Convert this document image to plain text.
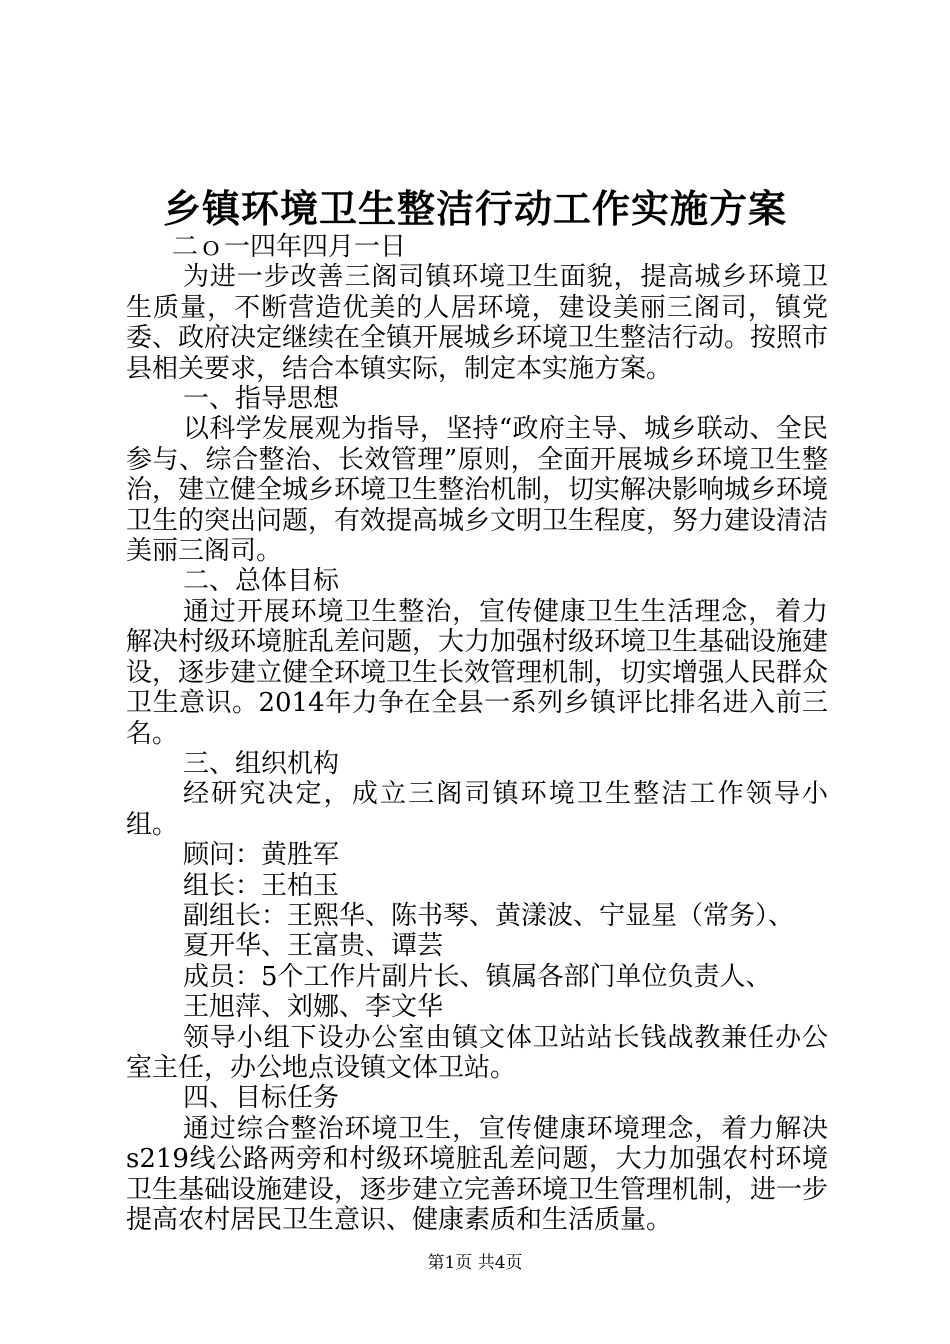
乡镇环境卫生整洁行动工作实施方案

二ｏ一四年四月一日

为进一步改善三阁司镇环境卫生面貌，提高城乡环境卫生质量，不断营造优美的人居环境，建设美丽三阁司，镇党委、政府决定继续在全镇开展城乡环境卫生整洁行动。按照市县相关要求，结合本镇实际，制定本实施方案。

一、指导思想

以科学发展观为指导，坚持“政府主导、城乡联动、全民参与、综合整治、长效管理”原则，全面开展城乡环境卫生整治，建立健全城乡环境卫生整治机制，切实解决影响城乡环境卫生的突出问题，有效提高城乡文明卫生程度，努力建设清洁美丽三阁司。

二、总体目标

通过开展环境卫生整治，宣传健康卫生生活理念，着力解决村级环境脏乱差问题，大力加强村级环境卫生基础设施建设，逐步建立健全环境卫生长效管理机制，切实增强人民群众卫生意识。2014年力争在全县一系列乡镇评比排名进入前三名。

三、组织机构

经研究决定，成立三阁司镇环境卫生整洁工作领导小组。

顾问：黄胜军

组长：王柏玉

副组长：王熙华、陈书琴、黄漾波、宁显星（常务）、

夏开华、王富贵、谭芸

成员：5个工作片副片长、镇属各部门单位负责人、

王旭萍、刘娜、李文华

领导小组下设办公室由镇文体卫站站长钱战教兼任办公室主任，办公地点设镇文体卫站。

四、目标任务

通过综合整治环境卫生，宣传健康环境理念，着力解决s219线公路两旁和村级环境脏乱差问题，大力加强农村环境卫生基础设施建设，逐步建立完善环境卫生管理机制，进一步提高农村居民卫生意识、健康素质和生活质量。

第1页 共4页
